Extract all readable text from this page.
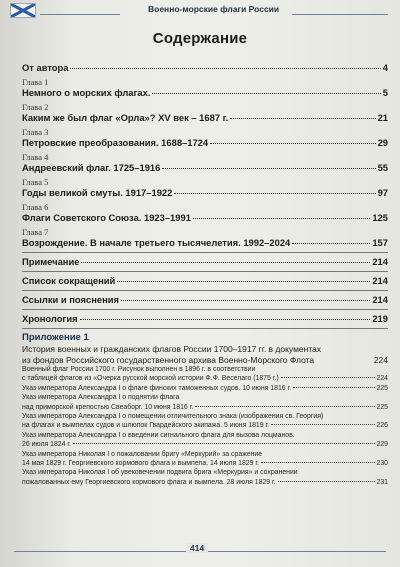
Военно-морские флаги России
Содержание
От автора	4
Глава 1
Немного о морских флагах.	5
Глава 2
Каким же был флаг «Орла»? XV век – 1687 г.	21
Глава 3
Петровские преобразования. 1688–1724	29
Глава 4
Андреевский флаг. 1725–1916	55
Глава 5
Годы великой смуты. 1917–1922	97
Глава 6
Флаги Советского Союза. 1923–1991	125
Глава 7
Возрождение. В начале третьего тысячелетия. 1992–2024	157
Примечание	214
Список сокращений	214
Ссылки и пояснения	214
Хронология	219
Приложение 1
История военных и гражданских флагов России 1700–1917 гг. в документах
из фондов Российского государственного архива Военно-Морского Флота	224
Военный флаг России 1700 г. Рисунок выполнен в 1896 г. в соответствии
с таблицей флагов из «Очерка русской морской истории Ф.Ф. Веселаго (1875 г.)	224
Указ императора Александра I о флаге финских таможенных судов. 10 июня 1816 г.	225
Указ императора Александра I о поднятии флага
над приморской крепостью Свеаборг. 10 июня 1816 г.	225
Указ императора Александра I о помещении отличительного знака (изображения св. Георгия)
на флагах и вымпелах судов и шлюпок Гвардейского экипажа. 5 июня 1819 г.	226
Указ императора Александра I о введении сигнального флага для вызова лоцманов.
26 июля 1824 г.	229
Указ императора Николая I о пожаловании бригу «Меркурий» за сражение
14 мая 1829 г. Георгиевского кормового флага и вымпела. 14 июля 1829 г.	230
Указ императора Николая I об увековечении подвига брига «Меркурия» и сохранении
пожалованных ему Георгиевского кормового флага и вымпела. 28 июля 1829 г.	231
414
